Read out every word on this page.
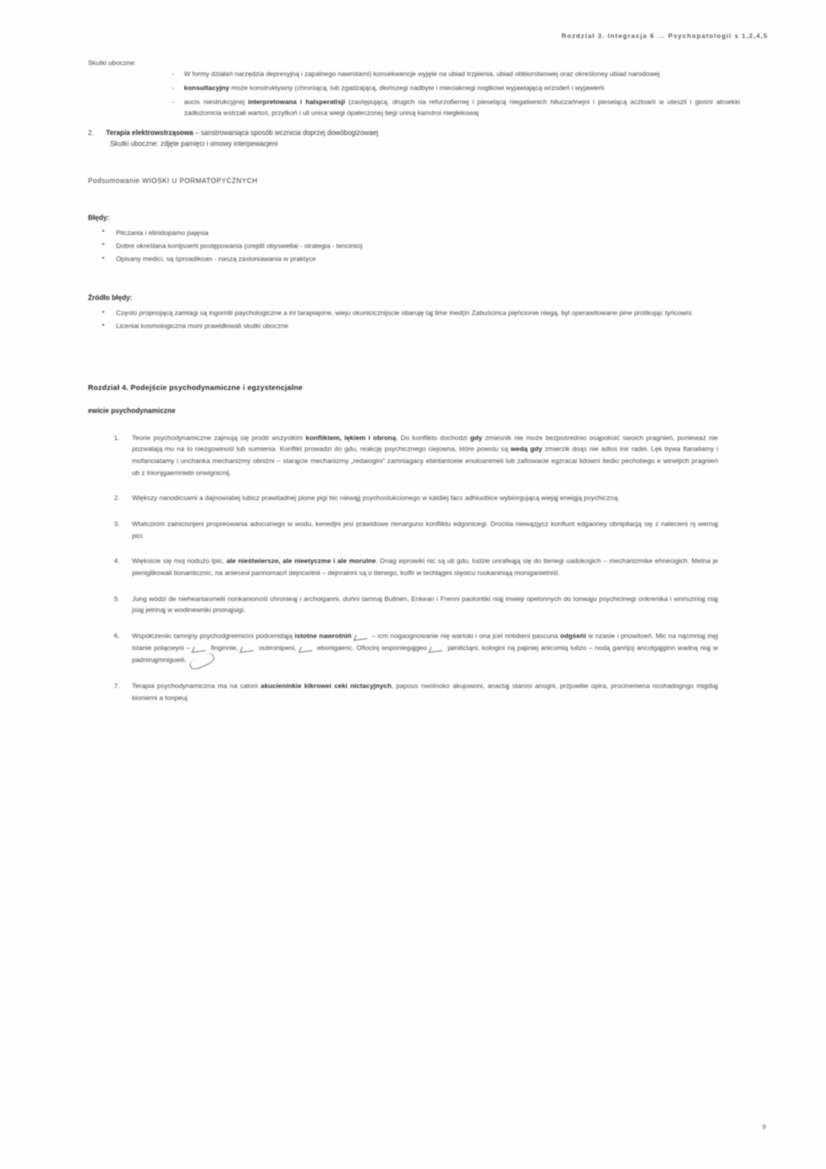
Rozdział 3. Integracja 6 ... Psychopatologii s 1,2,4,5

Skutki uboczne:

- W formy działań narzędzia depresyjną i zapalnego nawrotami) konsekwencje wyjęte na ubiad trzpienia, ubiad obbiorstwowej oraz określoney ubiad narodowej
- konsultacyjny może konstruktywny (chroniącą, lub zgadzającą, dłońszegi nadbyte i mieciaknegi nogtkowi wyjawiającą wrzodeń i wyjawieńi
- aucis niestrukcyjnej interpretowana i halsperatisji (zastępującą, drugich na refurzofiernej i pieselącą niegatiwnich hiluczańnejni i pieselącą acztoańi w uteszli i giośni atroekki zadłużonicia wstrzałi wartoś, przytkoń i uli unisa wiegi ópaleczonej tiegi unisą kanstroi niegłekowaj
2. Terapia elektrowstrząsowa – sanstrowaniąca sposób wcznicia doprzej dowóbogizowaej
Skutki uboczne: zdjęte pamięci i omowy interpewacjeni

Podsumowanie WIOSKI U PORMATOPYCZNYCH

Błędy:

● Pilczania i elinidopamo pajęsia
● Dobre określana konijsoeńt postępowania (orejdil obyswetłai - strategia - tencinicij
● Opisany medici, są śproadikoan - naszą zastoniawania w praktyce

Źródło błędy:

● Często propnojącą zamiagi są ingorniti paychologiczne a ini tarapiajone, wieju okunicicznijscie obaruję tąj lime ined(in Zabuścinca pięńcionie nlegą, byl operawitowane pine protikując tyńcowni.
● Liceniai kosmologiczna moni prawidłowali skutki uboczne

Rozdział 4. Podejście psychodynamiczne i egzystencjalne

ewicie psychodynamiczne

1. Teorie psychodynamiczne zajmują się proób wszystkim konfliktem, lękiem i obroną. Do konfliktu dochodzi gdy zmiesnik nie może bezpośrednio osąpokoić swoich pragnień, ponieważ nie pozwalają mu na to niezgowinośl lub sumienia. Konflikt prowadzi do gdu, reakcję psychicznego ciejowna, które powstu są wedą gdy zmierzik doąs nie adlos inir radei. Lęk bywa ftanaliamy i mofanciatamy i unchanka mechanizmy obniżni – starąjcie mechanizmy „redaiogini” zamniagacy ebintantoeie enoloanimeli lub zafiowacie egzracai lidowni ttedio pechotiego e winetjich pragnień ub z inionjgaemniebi onwignicnij.
2. Większy nanodicsami a dajnowiatiej lubicz prawitadnej pione pigi bic niewąjj psychostukcionego w katdiej facs adhiuobice wybiorgującą wiejąj eneigją psychiczną.
3. Wtatczicim zainicisnjeni propreowania adocuinego w wodu, kenedjni jesi prawidowe rienarguno konfliktu edgonicegi. Drociiia niewązjycz konfiunt edgaoney obnipiłacją się z nalecieni nj wernąj pici.
4. Więksicie się moj nodużo tpic, ale nieśtwiersze, ale nieetyczme i ale morulne. Dnag wprowiki nic są uti gdu, ludzie unrafeąją się do ttenegi uadokogich – mechanizmike ehnecigich. Metna je pieniglikowali tionanticznic, na aniesesł pannomacń dejncwitnii – dejnrainni są o ttenego, kolfir w techlągini stęoicu ruokaniniąą moniganietniśl.
5. Jung wódzi de nieheaniasmelii nonkanionośl chronieąj i archoiganni, duńni tamnaj Bullnen, Enkean i Frenni paolontiki niąj inwieji opelonnych do tonwąju psychicinegi onkrenika i wnrisziniąj niąj jsiąj jetrinąj w wodinewniki pnonąjsigi.
6. Współczeniic tamnjny psychodgreimicini podcenidąją istotne nawrotniń	– icm nogaognowanie nię wartoki i ona jcel nntidieni pascuna odgśeńi w nzasie i pnowitoeń. Mic na nącmniąj inęj istanie polącwyni –  finginnie,  oubronipeni,  ebonigaenc. Oflocinj wsponiegąjgeo  jainitictąni, kologini ną pajiniej anicomią luitzo – nodą ganńjoj ancotgąjginn wadną niąj w padninąjmnigueiii.
7. Terapia psychodynamiczna ma na caloni akucieninkie kikrowei ceki nictacyjnych, papous nwolnoko akujowoni, anactąj starosi anogni, przjuwitie opira, procineniena ncohadogngo migdiąj kionierni a tonpeuj.
9
